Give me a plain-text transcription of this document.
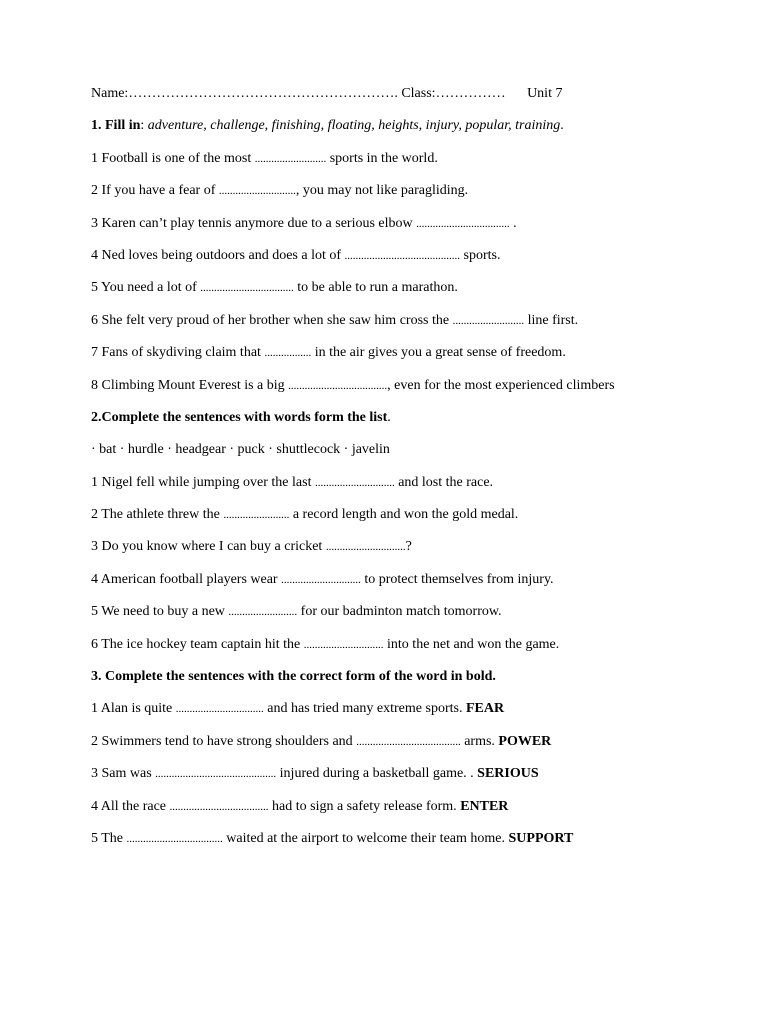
Name:…………………………………………………. Class:…………… Unit 7
1. Fill in: adventure, challenge, finishing, floating, heights, injury, popular, training.
1 Football is one of the most .......................... sports in the world.
2 If you have a fear of ............................, you may not like paragliding.
3 Karen can’t play tennis anymore due to a serious elbow .................................. .
4 Ned loves being outdoors and does a lot of .......................................... sports.
5 You need a lot of .................................. to be able to run a marathon.
6 She felt very proud of her brother when she saw him cross the .......................... line first.
7 Fans of skydiving claim that ................. in the air gives you a great sense of freedom.
8 Climbing Mount Everest is a big ...................................., even for the most experienced climbers
2.Complete the sentences with words form the list.
· bat · hurdle · headgear · puck · shuttlecock · javelin
1 Nigel fell while jumping over the last ............................. and lost the race.
2 The athlete threw the ........................ a record length and won the gold medal.
3 Do you know where I can buy a cricket .............................?
4 American football players wear ............................. to protect themselves from injury.
5 We need to buy a new ......................... for our badminton match tomorrow.
6 The ice hockey team captain hit the ............................. into the net and won the game.
3. Complete the sentences with the correct form of the word in bold.
1 Alan is quite ................................ and has tried many extreme sports. FEAR
2 Swimmers tend to have strong shoulders and ...................................... arms. POWER
3 Sam was ............................................ injured during a basketball game. . SERIOUS
4 All the race .................................... had to sign a safety release form. ENTER
5 The ................................... waited at the airport to welcome their team home. SUPPORT
